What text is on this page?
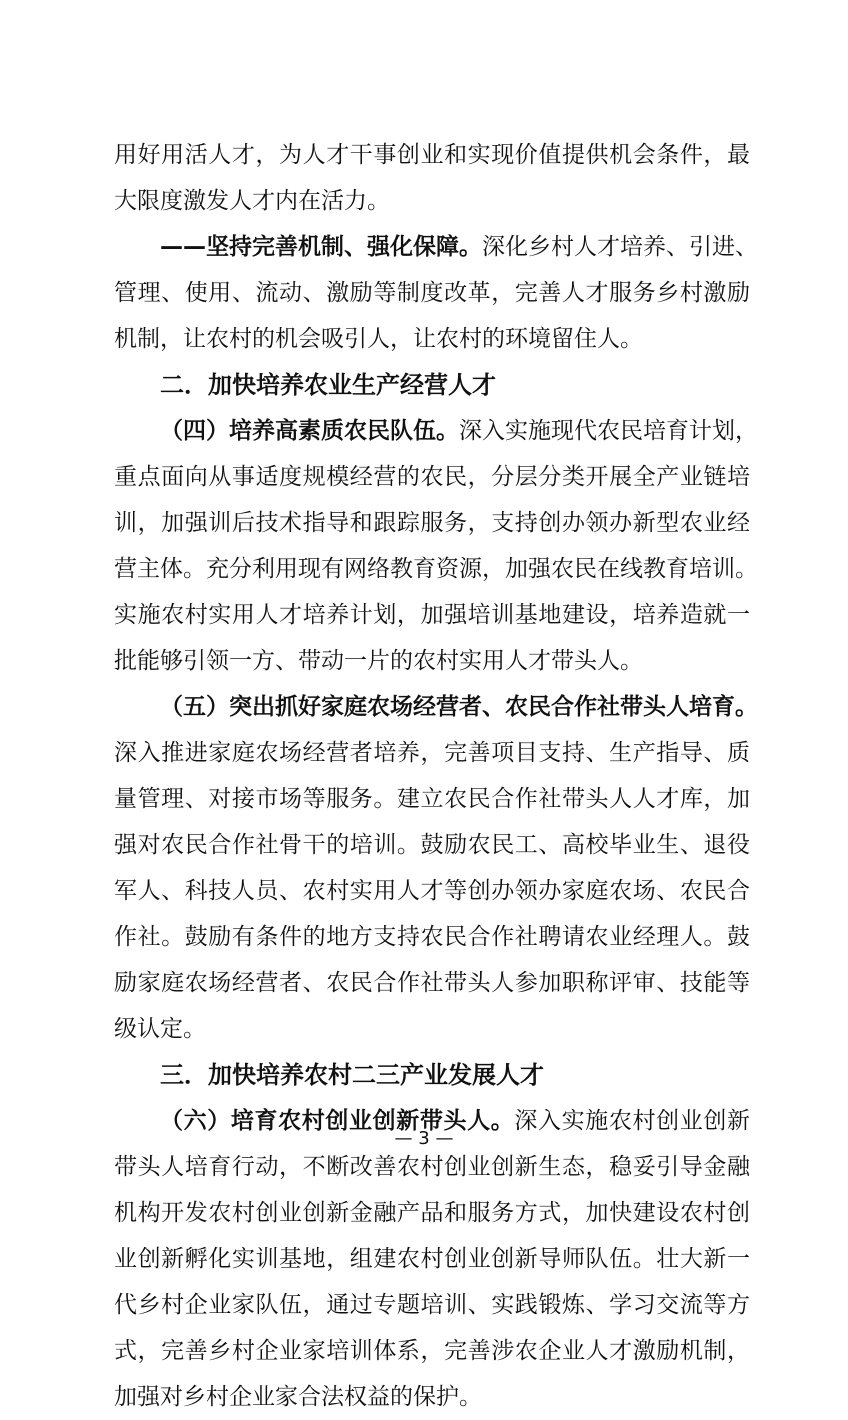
用好用活人才，为人才干事创业和实现价值提供机会条件，最
大限度激发人才内在活力。
——坚持完善机制、强化保障。深化乡村人才培养、引进、
管理、使用、流动、激励等制度改革，完善人才服务乡村激励
机制，让农村的机会吸引人，让农村的环境留住人。
二．加快培养农业生产经营人才
（四）培养高素质农民队伍。深入实施现代农民培育计划，
重点面向从事适度规模经营的农民，分层分类开展全产业链培
训，加强训后技术指导和跟踪服务，支持创办领办新型农业经
营主体。充分利用现有网络教育资源，加强农民在线教育培训。
实施农村实用人才培养计划，加强培训基地建设，培养造就一
批能够引领一方、带动一片的农村实用人才带头人。
（五）突出抓好家庭农场经营者、农民合作社带头人培育。
深入推进家庭农场经营者培养，完善项目支持、生产指导、质
量管理、对接市场等服务。建立农民合作社带头人人才库，加
强对农民合作社骨干的培训。鼓励农民工、高校毕业生、退役
军人、科技人员、农村实用人才等创办领办家庭农场、农民合
作社。鼓励有条件的地方支持农民合作社聘请农业经理人。鼓
励家庭农场经营者、农民合作社带头人参加职称评审、技能等
级认定。
三．加快培养农村二三产业发展人才
（六）培育农村创业创新带头人。深入实施农村创业创新
带头人培育行动，不断改善农村创业创新生态，稳妥引导金融
机构开发农村创业创新金融产品和服务方式，加快建设农村创
业创新孵化实训基地，组建农村创业创新导师队伍。壮大新一
代乡村企业家队伍，通过专题培训、实践锻炼、学习交流等方
式，完善乡村企业家培训体系，完善涉农企业人才激励机制，
加强对乡村企业家合法权益的保护。
— 3 —
